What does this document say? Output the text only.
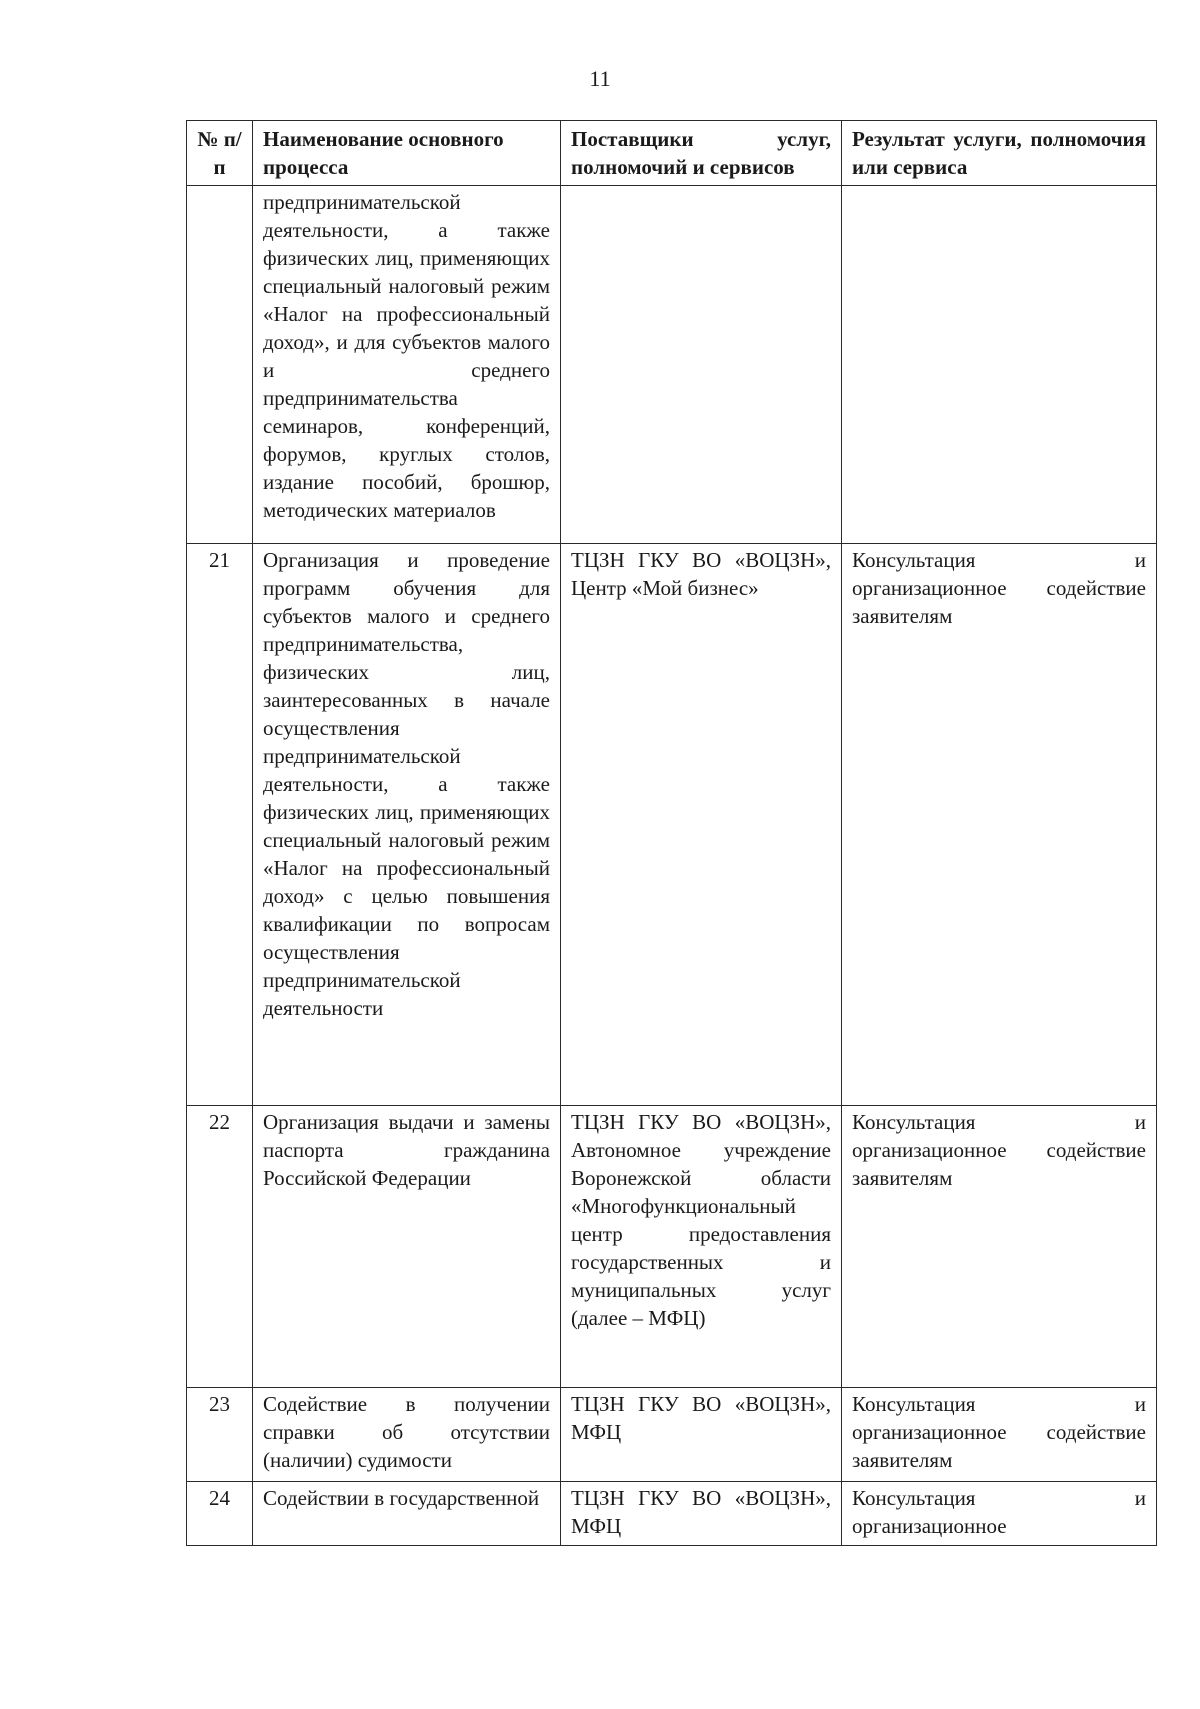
11
№ п/п	Наименование основного процесса	Поставщики услуг, полномочий и сервисов	Результат услуги, полномочия или сервиса
	предпринимательской деятельности, а также физических лиц, применяющих специальный налоговый режим «Налог на профессиональный доход», и для субъектов малого и среднего предпринимательства семинаров, конференций, форумов, круглых столов, издание пособий, брошюр, методических материалов		
21	Организация и проведение программ обучения для субъектов малого и среднего предпринимательства, физических лиц, заинтересованных в начале осуществления предпринимательской деятельности, а также физических лиц, применяющих специальный налоговый режим «Налог на профессиональный доход» с целью повышения квалификации по вопросам осуществления предпринимательской деятельности	ТЦЗН ГКУ ВО «ВОЦЗН», Центр «Мой бизнес»	Консультация и организационное содействие заявителям
22	Организация выдачи и замены паспорта гражданина Российской Федерации	ТЦЗН ГКУ ВО «ВОЦЗН», Автономное учреждение Воронежской области «Многофункциональный центр предоставления государственных и муниципальных услуг (далее – МФЦ)	Консультация и организационное содействие заявителям
23	Содействие в получении справки об отсутствии (наличии) судимости	ТЦЗН ГКУ ВО «ВОЦЗН», МФЦ	Консультация и организационное содействие заявителям
24	Содействии в государственной	ТЦЗН ГКУ ВО «ВОЦЗН», МФЦ	Консультация и организационное
